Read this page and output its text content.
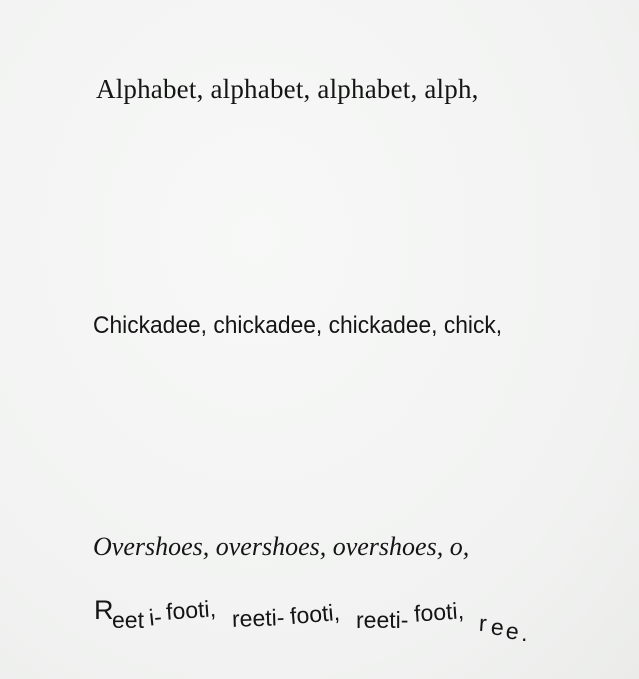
Alphabet, alphabet, alphabet, alph,

Chickadee, chickadee, chickadee, chick,

Overshoes, overshoes, overshoes, o,

R
eet i- footi, reeti- footi, reeti- footi, r e e .
